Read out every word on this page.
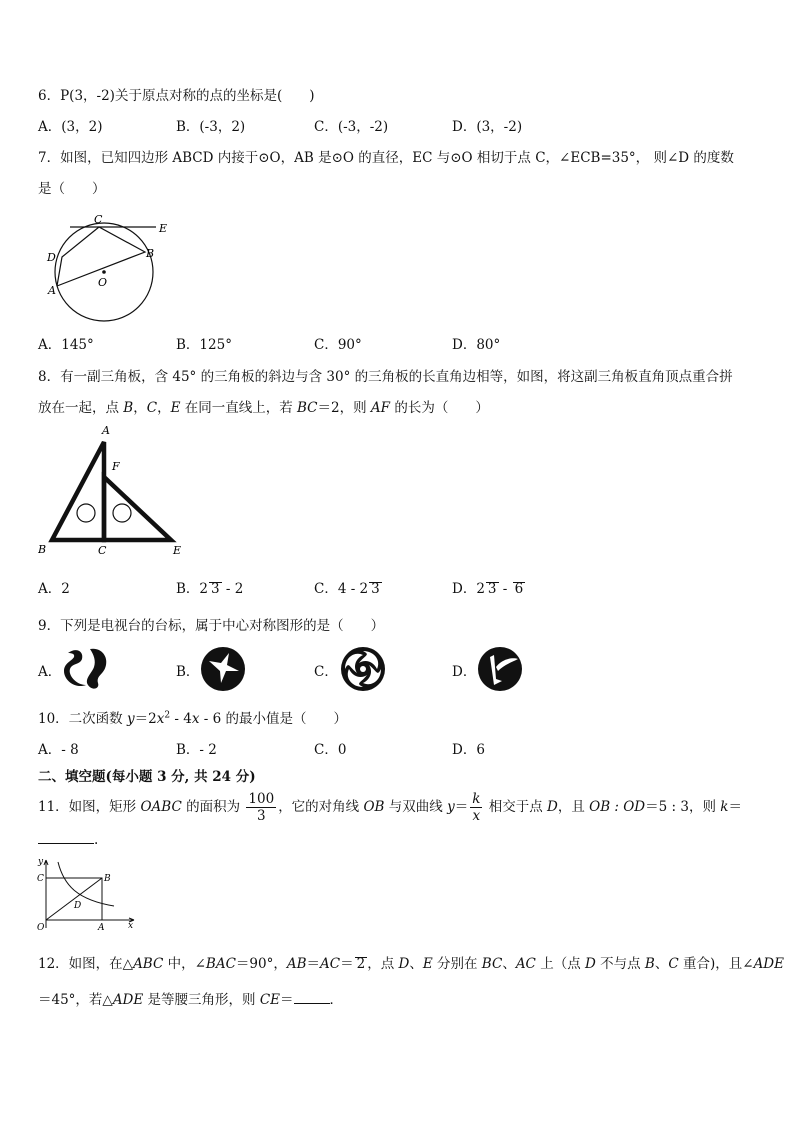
6．P(3，-2)关于原点对称的点的坐标是(　　)
A．(3，2)	B．(-3，2)	C．(-3，-2)	D．(3，-2)
7．如图，已知四边形 ABCD 内接于⊙O，AB 是⊙O 的直径，EC 与⊙O 相切于点 C，∠ECB=35°， 则∠D 的度数
是（　　）
C
E
D	B
A
O
A．145°	B．125°	C．90°	D．80°
8．有一副三角板，含 45° 的三角板的斜边与含 30° 的三角板的长直角边相等，如图，将这副三角板直角顶点重合拼
放在一起，点 B，C，E 在同一直线上，若 BC＝2，则 AF 的长为（　　）
A
F
B	C	E
A．2	B．2 3 - 2	C．4 - 2 3	D．2 3 - 6
9．下列是电视台的台标，属于中心对称图形的是（　　）
A．	B．	C．	D．
10．二次函数 $y=2x^2 - 4x - 6$ 的最小值是（　　）
A．- 8	B．- 2	C．0	D．6
二、填空题(每小题 3 分, 共 24 分)
11．如图，矩形 OABC 的面积为 $\frac{100}{3}$ ，它的对角线 OB 与双曲线 $y= \frac{k}{x}$ 相交于点 D，且 OB : OD＝5 : 3，则 k＝
.
y
C	B
D
O	A	x
12．如图，在△ABC 中，∠BAC＝90°，AB＝AC＝ 2 ，点 D、E 分别在 BC、AC 上（点 D 不与点 B、C 重合)，且∠ADE
＝45°，若△ADE 是等腰三角形，则 CE＝	．
